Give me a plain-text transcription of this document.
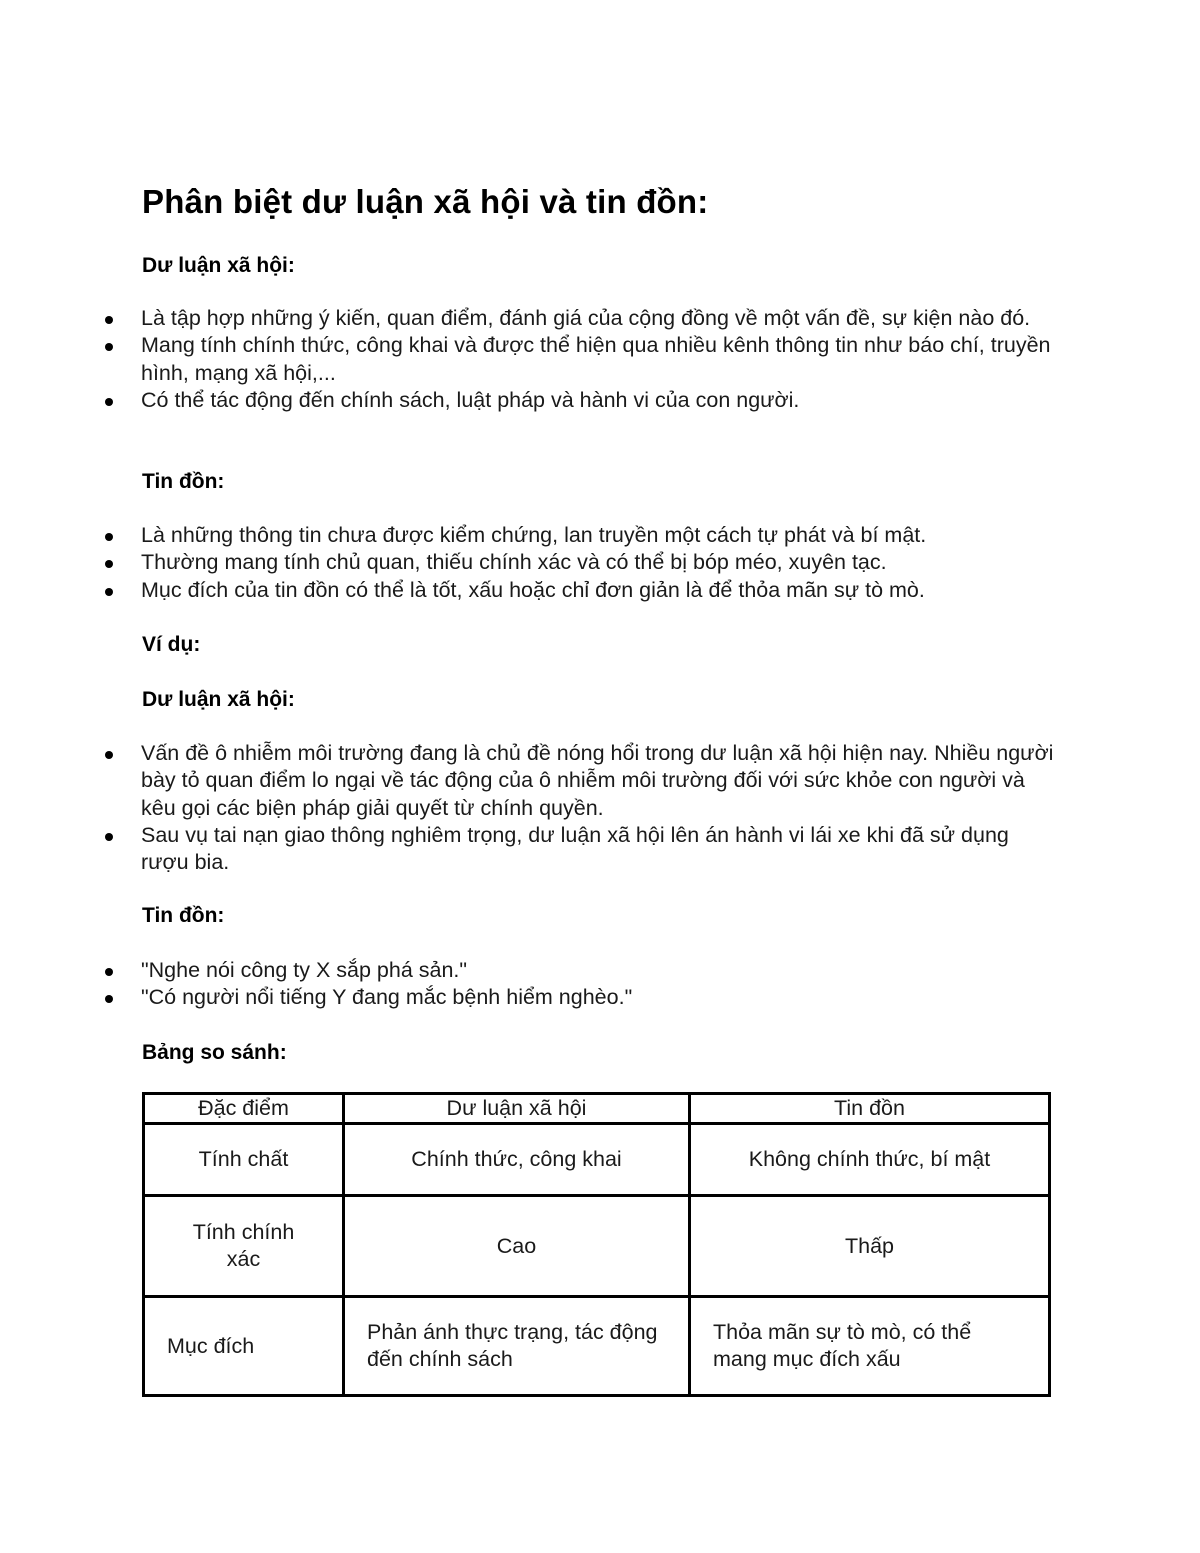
Phân biệt dư luận xã hội và tin đồn:
Dư luận xã hội:
Là tập hợp những ý kiến, quan điểm, đánh giá của cộng đồng về một vấn đề, sự kiện nào đó.
Mang tính chính thức, công khai và được thể hiện qua nhiều kênh thông tin như báo chí, truyền hình, mạng xã hội,...
Có thể tác động đến chính sách, luật pháp và hành vi của con người.
Tin đồn:
Là những thông tin chưa được kiểm chứng, lan truyền một cách tự phát và bí mật.
Thường mang tính chủ quan, thiếu chính xác và có thể bị bóp méo, xuyên tạc.
Mục đích của tin đồn có thể là tốt, xấu hoặc chỉ đơn giản là để thỏa mãn sự tò mò.
Ví dụ:
Dư luận xã hội:
Vấn đề ô nhiễm môi trường đang là chủ đề nóng hổi trong dư luận xã hội hiện nay. Nhiều người bày tỏ quan điểm lo ngại về tác động của ô nhiễm môi trường đối với sức khỏe con người và kêu gọi các biện pháp giải quyết từ chính quyền.
Sau vụ tai nạn giao thông nghiêm trọng, dư luận xã hội lên án hành vi lái xe khi đã sử dụng rượu bia.
Tin đồn:
"Nghe nói công ty X sắp phá sản."
"Có người nổi tiếng Y đang mắc bệnh hiểm nghèo."
Bảng so sánh:
Đặc điểm	Dư luận xã hội	Tin đồn
Tính chất	Chính thức, công khai	Không chính thức, bí mật
Tính chính xác	Cao	Thấp
Mục đích	Phản ánh thực trạng, tác động đến chính sách	Thỏa mãn sự tò mò, có thể mang mục đích xấu
